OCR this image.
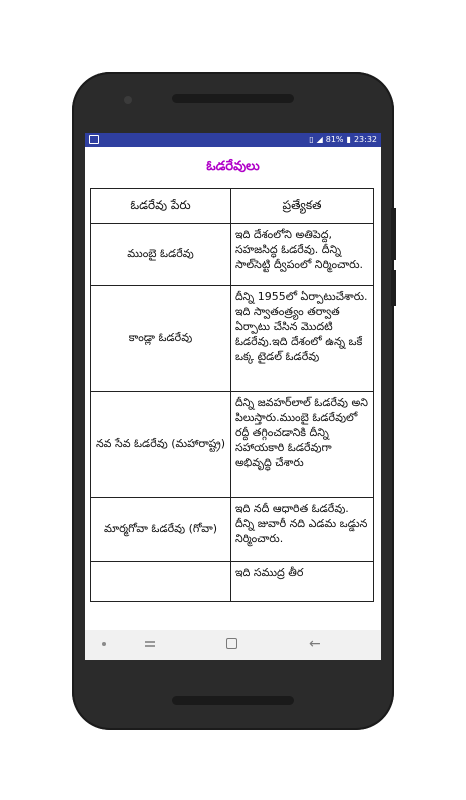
▯ ◢ 81% ▮ 23:32
ఓడరేవులు
ఓడరేవు పేరు	ప్రత్యేకత
ముంబై ఓడరేవు	ఇది దేశంలోని అతిపెద్ద, సహజసిద్ధ ఓడరేవు. దీన్ని సాల్‌సెట్టి ద్వీపంలో నిర్మించారు.
కాండ్లా ఓడరేవు	దీన్ని 1955లో ఏర్పాటుచేశారు. ఇది స్వాతంత్ర్యం తర్వాత ఏర్పాటు చేసిన మొదటి ఓడరేవు.ఇది దేశంలో ఉన్న ఒకే ఒక్క టైడల్ ఓడరేవు
నవ సేవ ఓడరేవు (మహారాష్ట్ర)	దీన్ని జవహర్‌లాల్ ఓడరేవు అని పిలుస్తారు.ముంబై ఓడరేవులో రద్దీ తగ్గించడానికి దీన్ని సహాయకారి ఓడరేవుగా అభివృద్ధి చేశారు
మార్మగోవా ఓడరేవు (గోవా)	ఇది నదీ ఆధారిత ఓడరేవు. దీన్ని జువారీ నది ఎడమ ఒడ్డున నిర్మించారు.
	ఇది సముద్ర తీర
←
